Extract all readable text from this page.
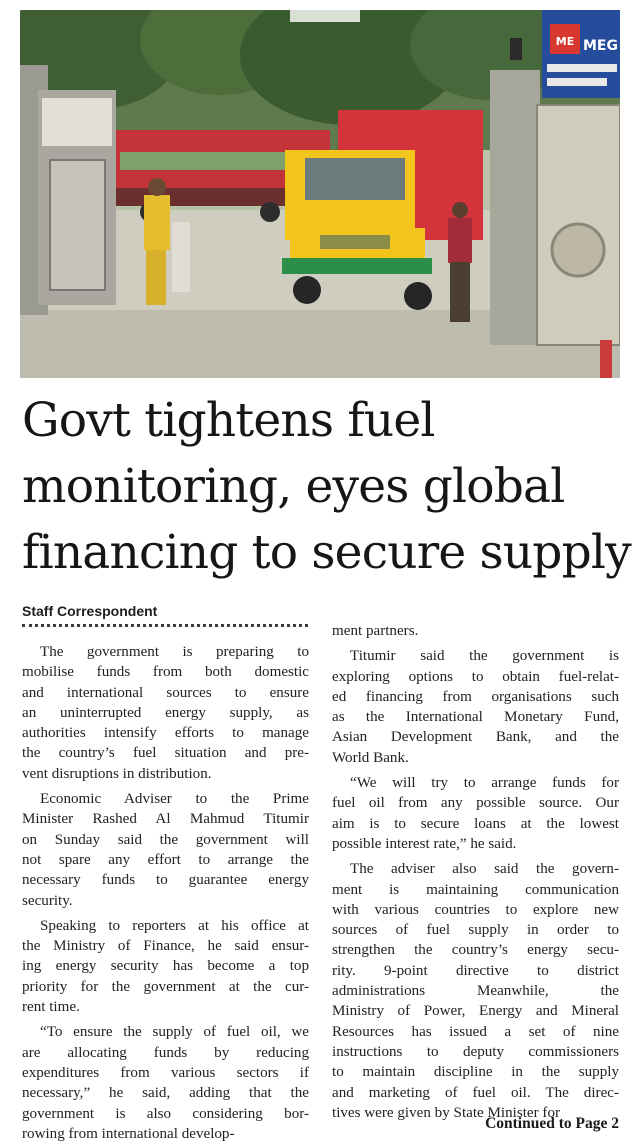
ME MEG
Govt tightens fuel
monitoring, eyes global
financing to secure supply
Staff Correspondent

The government is preparing to
mobilise funds from both domestic
and international sources to ensure
an uninterrupted energy supply, as
authorities intensify efforts to manage
the country’s fuel situation and pre-
vent disruptions in distribution.

Economic Adviser to the Prime
Minister Rashed Al Mahmud Titumir
on Sunday said the government will
not spare any effort to arrange the
necessary funds to guarantee energy
security.

Speaking to reporters at his office at
the Ministry of Finance, he said ensur-
ing energy security has become a top
priority for the government at the cur-
rent time.

“To ensure the supply of fuel oil, we
are allocating funds by reducing
expenditures from various sectors if
necessary,” he said, adding that the
government is also considering bor-
rowing from international develop-

ment partners.

Titumir said the government is
exploring options to obtain fuel-relat-
ed financing from organisations such
as the International Monetary Fund,
Asian Development Bank, and the
World Bank.

“We will try to arrange funds for
fuel oil from any possible source. Our
aim is to secure loans at the lowest
possible interest rate,” he said.

The adviser also said the govern-
ment is maintaining communication
with various countries to explore new
sources of fuel supply in order to
strengthen the country’s energy secu-
rity. 9-point directive to district
administrations Meanwhile, the
Ministry of Power, Energy and Mineral
Resources has issued a set of nine
instructions to deputy commissioners
to maintain discipline in the supply
and marketing of fuel oil. The direc-
tives were given by State Minister for

Continued to Page 2
